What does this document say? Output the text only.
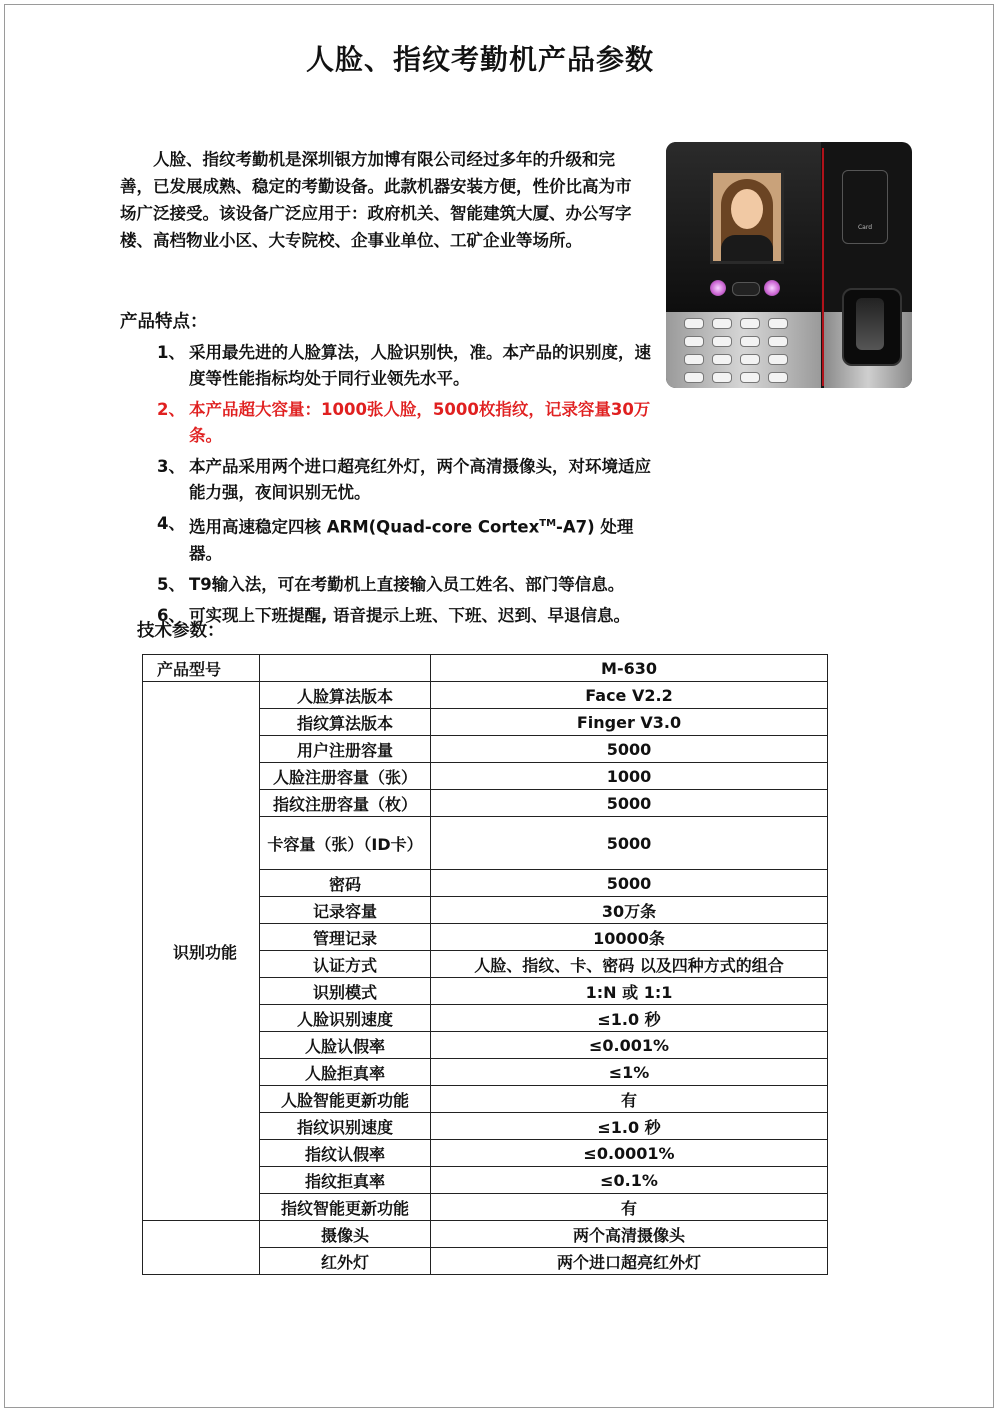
人脸、指纹考勤机产品参数
人脸、指纹考勤机是深圳银方加博有限公司经过多年的升级和完善，已发展成熟、稳定的考勤设备。此款机器安装方便，性价比高为市场广泛接受。该设备广泛应用于：政府机关、智能建筑大厦、办公写字楼、高档物业小区、大专院校、企事业单位、工矿企业等场所。
Card
产品特点：
1、 采用最先进的人脸算法，人脸识别快，准。本产品的识别度，速度等性能指标均处于同行业领先水平。
2、 本产品超大容量：1000张人脸，5000枚指纹，记录容量30万条。
3、 本产品采用两个进口超亮红外灯，两个高清摄像头，对环境适应能力强，夜间识别无忧。
4、 选用高速稳定四核 ARM(Quad-core Cortex™-A7) 处理器。
5、 T9输入法，可在考勤机上直接输入员工姓名、部门等信息。
6、 可实现上下班提醒, 语音提示上班、下班、迟到、早退信息。
技术参数：
产品型号		M-630
识别功能	人脸算法版本	Face V2.2
	指纹算法版本	Finger V3.0
	用户注册容量	5000
	人脸注册容量（张）	1000
	指纹注册容量（枚）	5000
	卡容量（张）（ID卡）	5000
	密码	5000
	记录容量	30万条
	管理记录	10000条
	认证方式	人脸、指纹、卡、密码 以及四种方式的组合
	识别模式	1:N 或 1:1
	人脸识别速度	≤1.0 秒
	人脸认假率	≤0.001%
	人脸拒真率	≤1%
	人脸智能更新功能	有
	指纹识别速度	≤1.0 秒
	指纹认假率	≤0.0001%
	指纹拒真率	≤0.1%
	指纹智能更新功能	有
	摄像头	两个高清摄像头
	红外灯	两个进口超亮红外灯
